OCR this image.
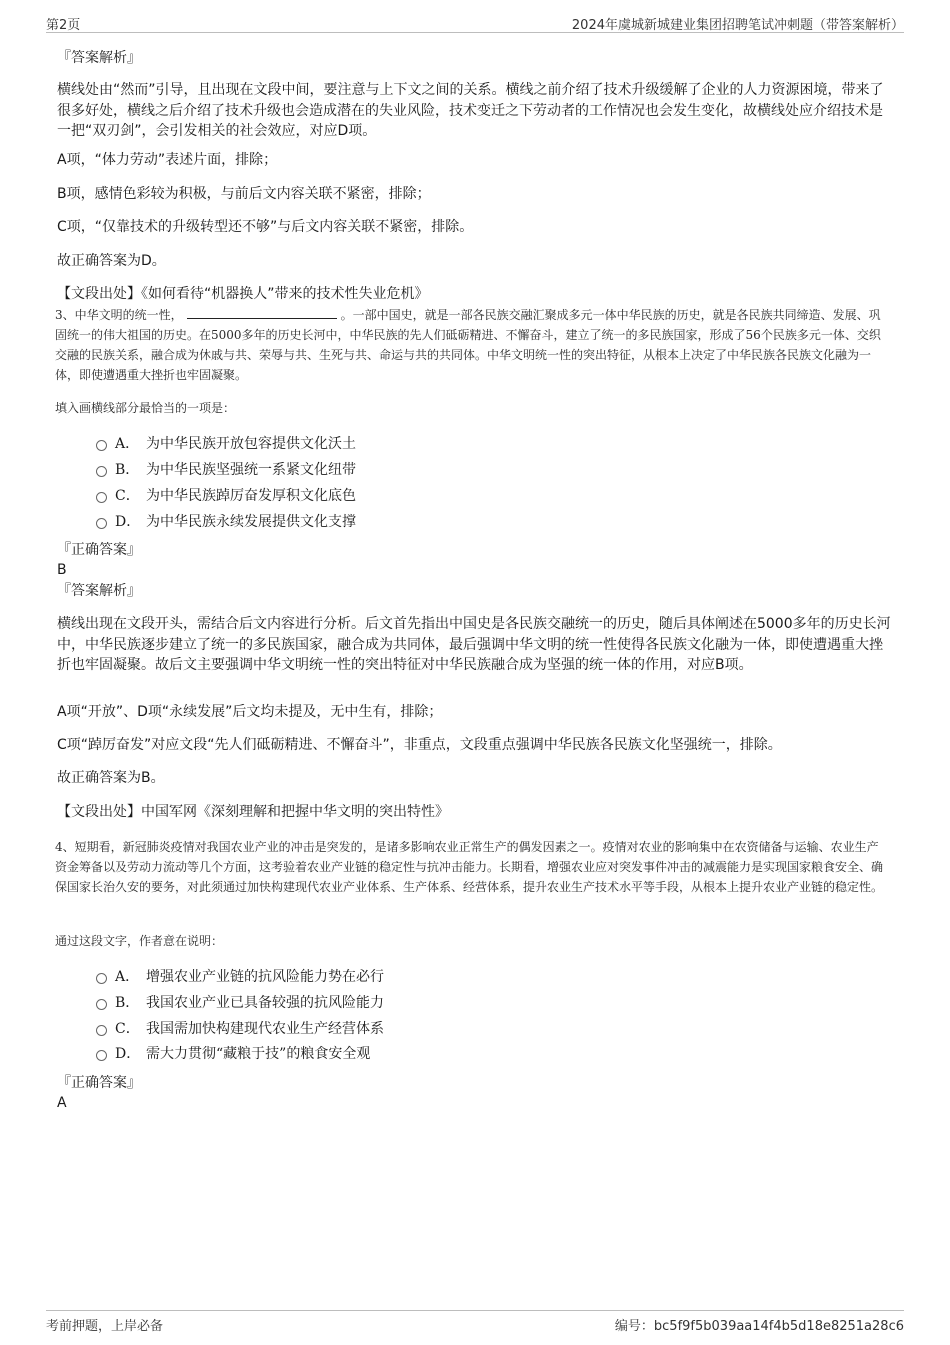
第2页	2024年虞城新城建业集团招聘笔试冲刺题（带答案解析）
『答案解析』
横线处由“然而”引导，且出现在文段中间，要注意与上下文之间的关系。横线之前介绍了技术升级缓解了企业的人力资源困境，带来了很多好处，横线之后介绍了技术升级也会造成潜在的失业风险，技术变迁之下劳动者的工作情况也会发生变化，故横线处应介绍技术是一把“双刃剑”，会引发相关的社会效应，对应D项。
A项，“体力劳动”表述片面，排除；
B项，感情色彩较为积极，与前后文内容关联不紧密，排除；
C项，“仅靠技术的升级转型还不够”与后文内容关联不紧密，排除。
故正确答案为D。
【文段出处】《如何看待“机器换人”带来的技术性失业危机》
3、中华文明的统一性，	。一部中国史，就是一部各民族交融汇聚成多元一体中华民族的历史，就是各民族共同缔造、发展、巩固统一的伟大祖国的历史。在5000多年的历史长河中，中华民族的先人们砥砺精进、不懈奋斗，建立了统一的多民族国家，形成了56个民族多元一体、交织交融的民族关系，融合成为休戚与共、荣辱与共、生死与共、命运与共的共同体。中华文明统一性的突出特征，从根本上决定了中华民族各民族文化融为一体，即使遭遇重大挫折也牢固凝聚。
填入画横线部分最恰当的一项是：
A． 为中华民族开放包容提供文化沃土
B． 为中华民族坚强统一系紧文化纽带
C． 为中华民族踔厉奋发厚积文化底色
D． 为中华民族永续发展提供文化支撑
『正确答案』
B
『答案解析』
横线出现在文段开头，需结合后文内容进行分析。后文首先指出中国史是各民族交融统一的历史，随后具体阐述在5000多年的历史长河中，中华民族逐步建立了统一的多民族国家，融合成为共同体，最后强调中华文明的统一性使得各民族文化融为一体，即使遭遇重大挫折也牢固凝聚。故后文主要强调中华文明统一性的突出特征对中华民族融合成为坚强的统一体的作用，对应B项。
A项“开放”、D项“永续发展”后文均未提及，无中生有，排除；
C项“踔厉奋发”对应文段“先人们砥砺精进、不懈奋斗”，非重点，文段重点强调中华民族各民族文化坚强统一，排除。
故正确答案为B。
【文段出处】中国军网《深刻理解和把握中华文明的突出特性》
4、短期看，新冠肺炎疫情对我国农业产业的冲击是突发的，是诸多影响农业正常生产的偶发因素之一。疫情对农业的影响集中在农资储备与运输、农业生产资金筹备以及劳动力流动等几个方面，这考验着农业产业链的稳定性与抗冲击能力。长期看，增强农业应对突发事件冲击的减震能力是实现国家粮食安全、确保国家长治久安的要务，对此须通过加快构建现代农业产业体系、生产体系、经营体系，提升农业生产技术水平等手段，从根本上提升农业产业链的稳定性。
通过这段文字，作者意在说明：
A． 增强农业产业链的抗风险能力势在必行
B． 我国农业产业已具备较强的抗风险能力
C． 我国需加快构建现代农业生产经营体系
D． 需大力贯彻“藏粮于技”的粮食安全观
『正确答案』
A
考前押题，上岸必备	编号：bc5f9f5b039aa14f4b5d18e8251a28c6
